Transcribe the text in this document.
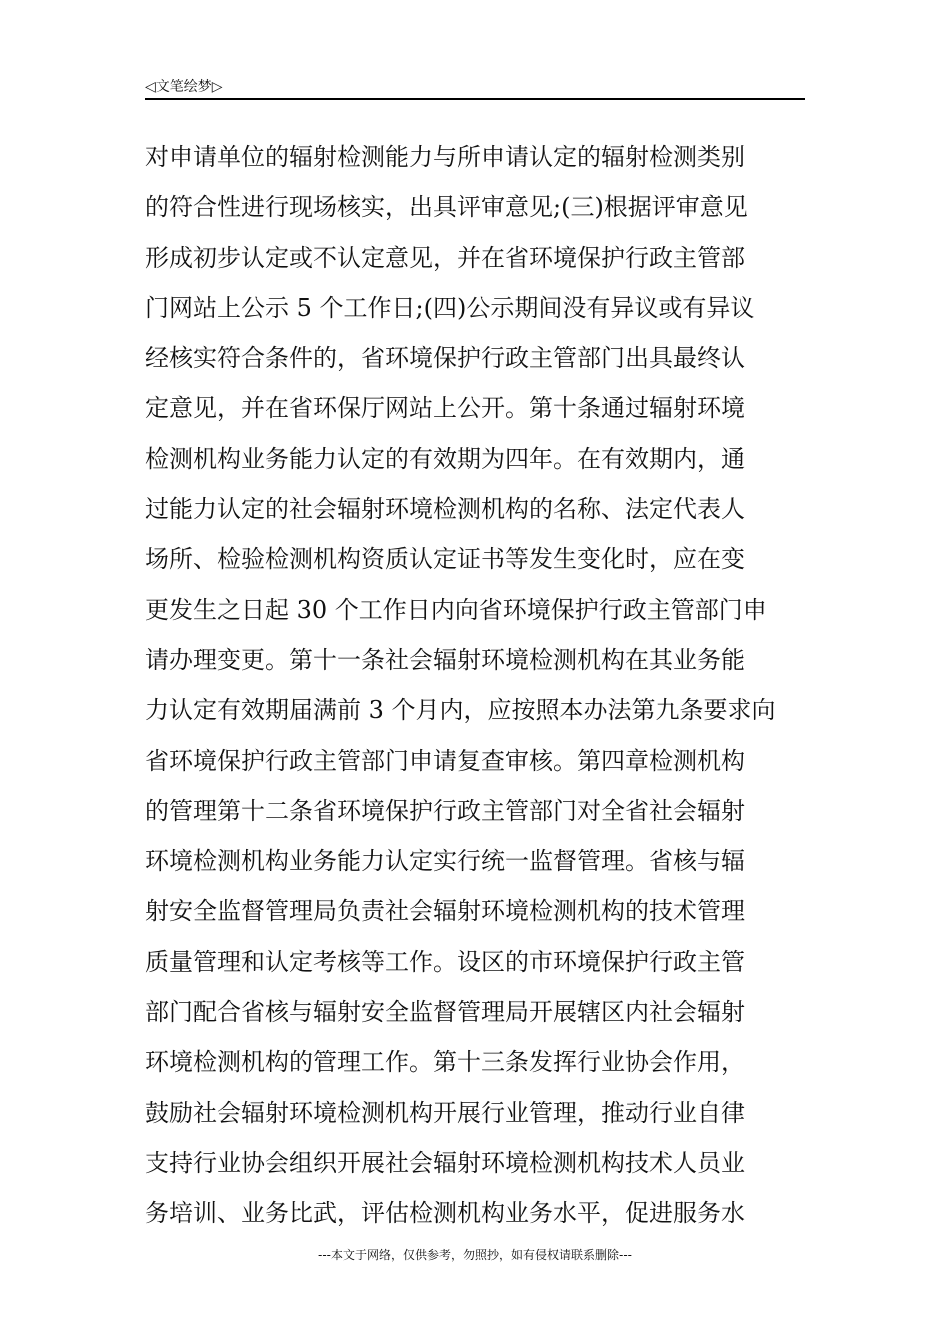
◁文笔绘梦▷
对申请单位的辐射检测能力与所申请认定的辐射检测类别
的符合性进行现场核实，出具评审意见;(三)根据评审意见
形成初步认定或不认定意见，并在省环境保护行政主管部
门网站上公示 5 个工作日;(四)公示期间没有异议或有异议
经核实符合条件的，省环境保护行政主管部门出具最终认
定意见，并在省环保厅网站上公开。第十条通过辐射环境
检测机构业务能力认定的有效期为四年。在有效期内，通
过能力认定的社会辐射环境检测机构的名称、法定代表人
场所、检验检测机构资质认定证书等发生变化时，应在变
更发生之日起 30 个工作日内向省环境保护行政主管部门申
请办理变更。第十一条社会辐射环境检测机构在其业务能
力认定有效期届满前 3 个月内，应按照本办法第九条要求向
省环境保护行政主管部门申请复查审核。第四章检测机构
的管理第十二条省环境保护行政主管部门对全省社会辐射
环境检测机构业务能力认定实行统一监督管理。省核与辐
射安全监督管理局负责社会辐射环境检测机构的技术管理
质量管理和认定考核等工作。设区的市环境保护行政主管
部门配合省核与辐射安全监督管理局开展辖区内社会辐射
环境检测机构的管理工作。第十三条发挥行业协会作用，
鼓励社会辐射环境检测机构开展行业管理，推动行业自律
支持行业协会组织开展社会辐射环境检测机构技术人员业
务培训、业务比武，评估检测机构业务水平，促进服务水
---本文于网络，仅供参考，勿照抄，如有侵权请联系删除---
